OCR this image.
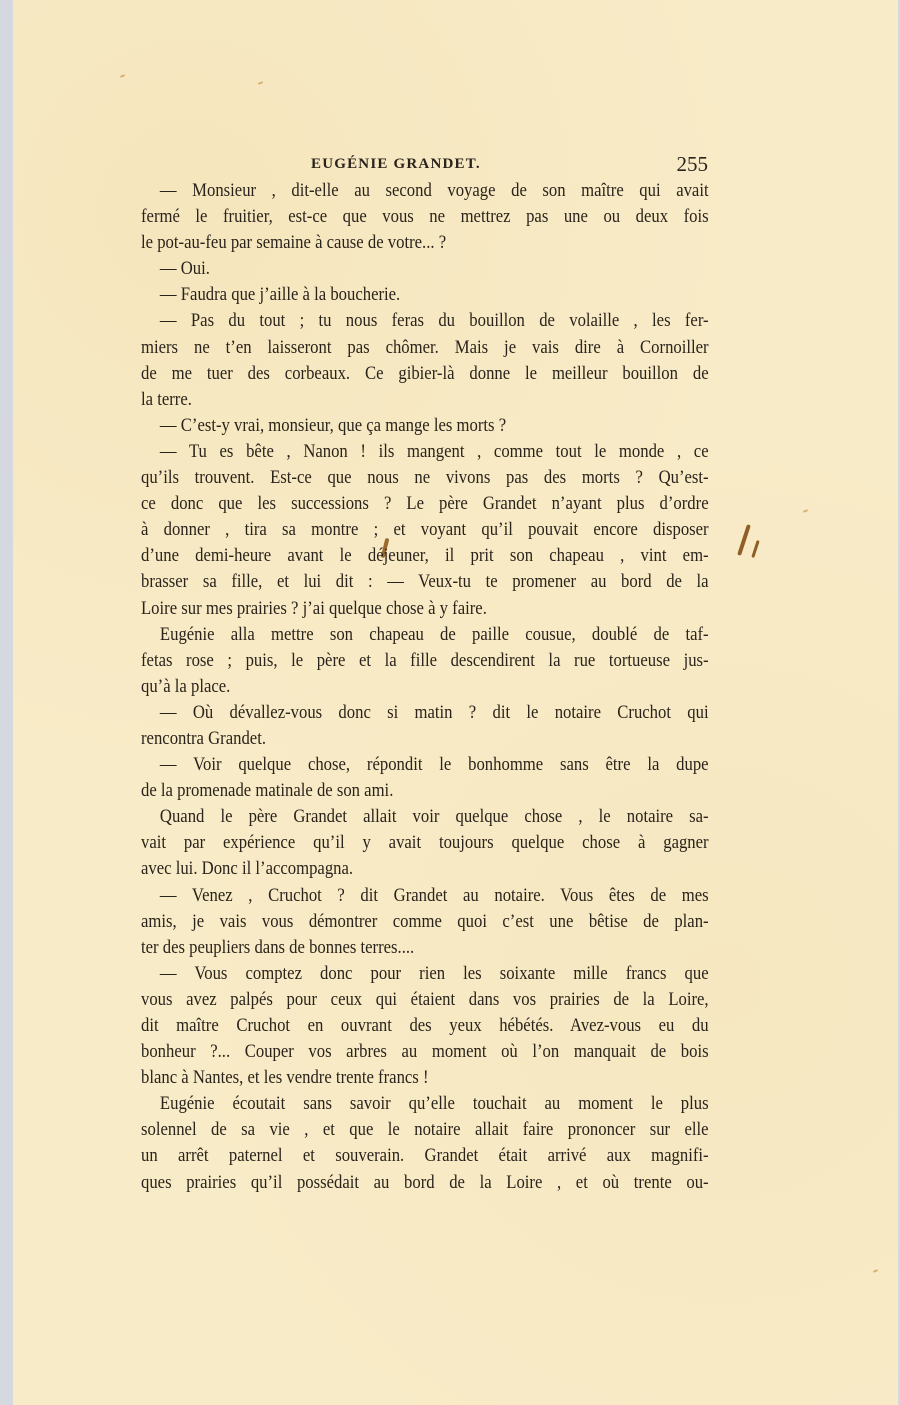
EUGÉNIE GRANDET.	255
— Monsieur , dit-elle au second voyage de son maître qui avait
fermé le fruitier, est-ce que vous ne mettrez pas une ou deux fois
le pot-au-feu par semaine à cause de votre... ?
— Oui.
— Faudra que j’aille à la boucherie.
— Pas du tout ; tu nous feras du bouillon de volaille , les fer-
miers ne t’en laisseront pas chômer. Mais je vais dire à Cornoiller
de me tuer des corbeaux. Ce gibier-là donne le meilleur bouillon de
la terre.
— C’est-y vrai, monsieur, que ça mange les morts ?
— Tu es bête , Nanon ! ils mangent , comme tout le monde , ce
qu’ils trouvent. Est-ce que nous ne vivons pas des morts ? Qu’est-
ce donc que les successions ? Le père Grandet n’ayant plus d’ordre
à donner , tira sa montre ; et voyant qu’il pouvait encore disposer
d’une demi-heure avant le déjeuner, il prit son chapeau , vint em-
brasser sa fille, et lui dit : — Veux-tu te promener au bord de la
Loire sur mes prairies ? j’ai quelque chose à y faire.
Eugénie alla mettre son chapeau de paille cousue, doublé de taf-
fetas rose ; puis, le père et la fille descendirent la rue tortueuse jus-
qu’à la place.
— Où dévallez-vous donc si matin ? dit le notaire Cruchot qui
rencontra Grandet.
— Voir quelque chose, répondit le bonhomme sans être la dupe
de la promenade matinale de son ami.
Quand le père Grandet allait voir quelque chose , le notaire sa-
vait par expérience qu’il y avait toujours quelque chose à gagner
avec lui. Donc il l’accompagna.
— Venez , Cruchot ? dit Grandet au notaire. Vous êtes de mes
amis, je vais vous démontrer comme quoi c’est une bêtise de plan-
ter des peupliers dans de bonnes terres....
— Vous comptez donc pour rien les soixante mille francs que
vous avez palpés pour ceux qui étaient dans vos prairies de la Loire,
dit maître Cruchot en ouvrant des yeux hébétés. Avez-vous eu du
bonheur ?... Couper vos arbres au moment où l’on manquait de bois
blanc à Nantes, et les vendre trente francs !
Eugénie écoutait sans savoir qu’elle touchait au moment le plus
solennel de sa vie , et que le notaire allait faire prononcer sur elle
un arrêt paternel et souverain. Grandet était arrivé aux magnifi-
ques prairies qu’il possédait au bord de la Loire , et où trente ou-
